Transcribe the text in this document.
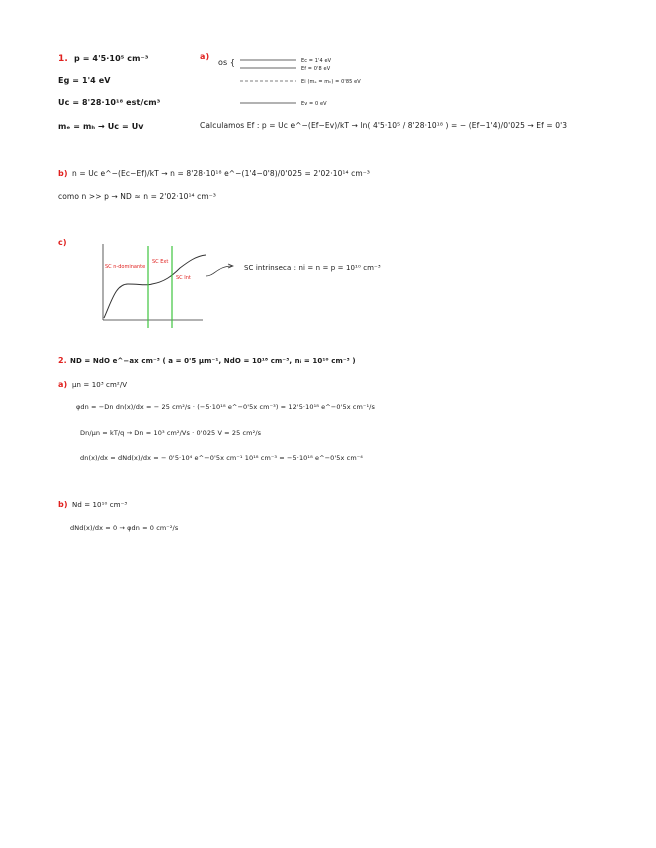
1. p = 4'5·10⁵ cm⁻³
Eg = 1'4 eV
Uc = 8'28·10¹⁸ est/cm³
mₑ = mₕ → Uc = Uv
a)
os {	Ec = 1'4 eV
Ef = 0'8 eV
Ei (mₑ = mₕ) = 0'85 eV
Ev = 0 eV
Calculamos Ef : p = Uc e^−(Ef−Ev)/kT → ln( 4'5·10⁵ / 8'28·10¹⁸ ) = − (Ef−1'4)/0'025 → Ef = 0'3
b) n = Uc e^−(Ec−Ef)/kT → n = 8'28·10¹⁸ e^−(1'4−0'8)/0'025 = 2'02·10¹⁴ cm⁻³
como n >> p → ND ≈ n = 2'02·10¹⁴ cm⁻³
c)
SC n-dominante
SC Ext
SC Int
SC intrinseca : ni = n = p = 10¹⁰ cm⁻³
2. ND = NdO e^−ax cm⁻³ ( a = 0'5 μm⁻¹, NdO = 10¹⁸ cm⁻³, nᵢ = 10¹⁰ cm⁻³ )
a) μn = 10³ cm²/V
φdn = −Dn dn(x)/dx = − 25 cm²/s · (−5·10¹⁸ e^−0'5x cm⁻³) = 12'5·10¹⁸ e^−0'5x cm⁻¹/s
Dn/μn = kT/q → Dn = 10³ cm²/Vs · 0'025 V = 25 cm²/s
dn(x)/dx = dNd(x)/dx = − 0'5·10⁴ e^−0'5x cm⁻¹ 10¹⁸ cm⁻³ = −5·10¹⁸ e^−0'5x cm⁻⁴
b) Nd = 10¹⁰ cm⁻³
dNd(x)/dx = 0 → φdn = 0 cm⁻²/s
